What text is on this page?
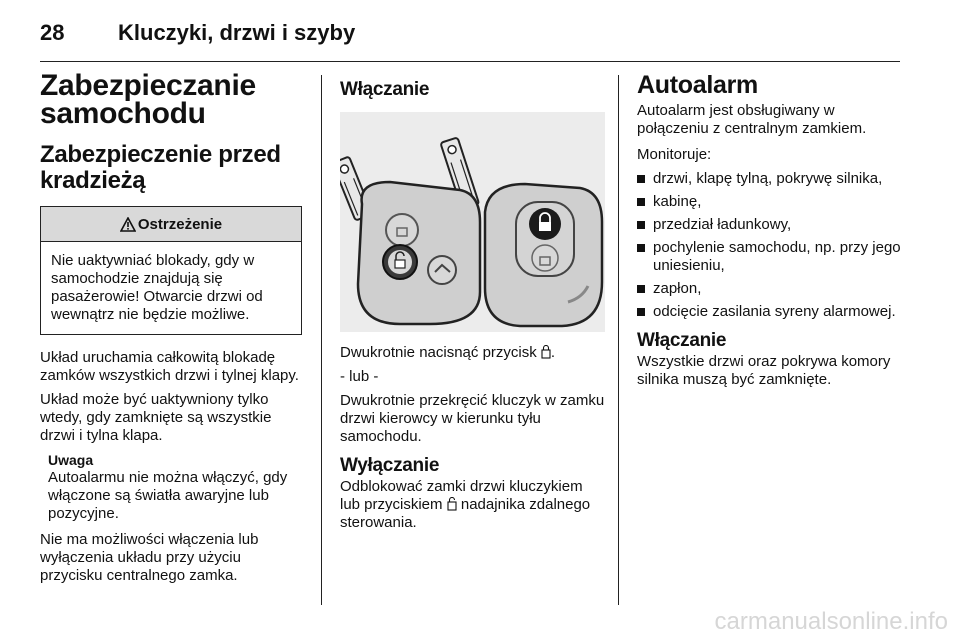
28 Kluczyki, drzwi i szyby
Zabezpieczanie samochodu
Zabezpieczenie przed kradzieżą
Ostrzeżenie
Nie uaktywniać blokady, gdy w samochodzie znajdują się pasażerowie! Otwarcie drzwi od wewnątrz nie będzie możliwe.

Układ uruchamia całkowitą blokadę zamków wszystkich drzwi i tylnej klapy.

Układ może być uaktywniony tylko wtedy, gdy zamknięte są wszystkie drzwi i tylna klapa.

Uwaga
Autoalarmu nie można włączyć, gdy włączone są światła awaryjne lub pozycyjne.

Nie ma możliwości włączenia lub wyłączenia układu przy użyciu przycisku centralnego zamka.

Włączanie

Dwukrotnie nacisnąć przycisk .

- lub -

Dwukrotnie przekręcić kluczyk w zamku drzwi kierowcy w kierunku tyłu samochodu.

Wyłączanie

Odblokować zamki drzwi kluczykiem lub przyciskiem nadajnika zdalnego sterowania.

Autoalarm

Autoalarm jest obsługiwany w połączeniu z centralnym zamkiem.

Monitoruje:

drzwi, klapę tylną, pokrywę silnika,
kabinę,
przedział ładunkowy,
pochylenie samochodu, np. przy jego uniesieniu,
zapłon,
odcięcie zasilania syreny alarmowej.
Włączanie

Wszystkie drzwi oraz pokrywa komory silnika muszą być zamknięte.

carmanualsonline.info
